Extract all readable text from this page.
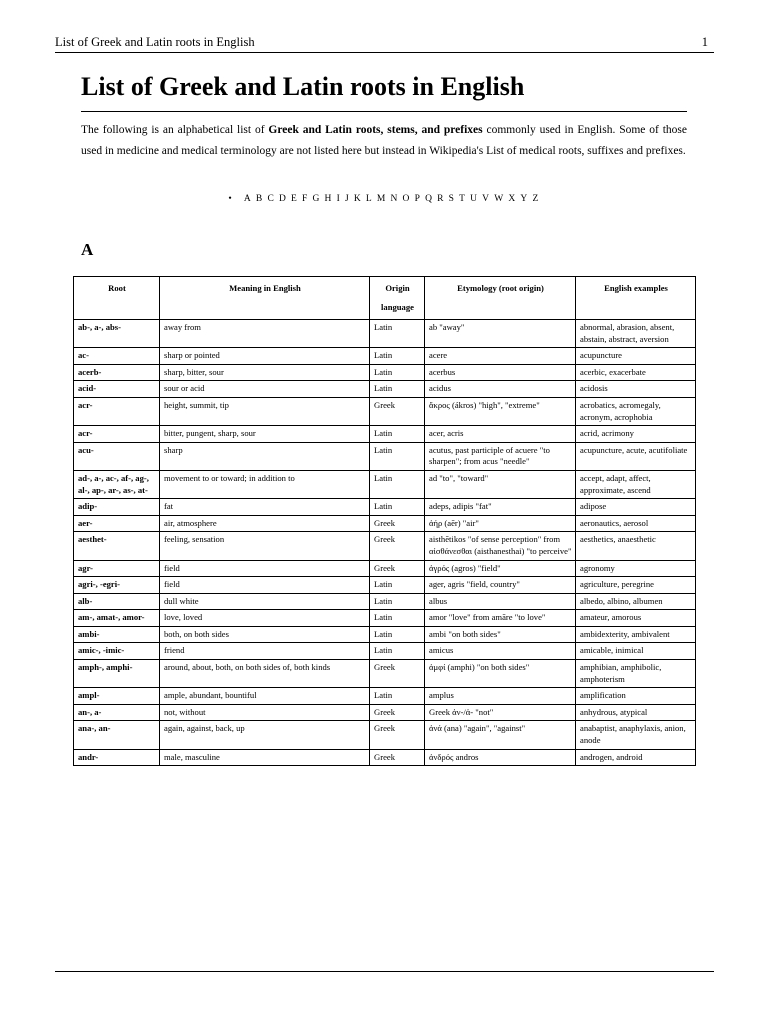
List of Greek and Latin roots in English	1
List of Greek and Latin roots in English

The following is an alphabetical list of Greek and Latin roots, stems, and prefixes commonly used in English. Some of those used in medicine and medical terminology are not listed here but instead in Wikipedia's List of medical roots, suffixes and prefixes.

• A B C D E F G H I J K L M N O P Q R S T U V W X Y Z
A
Root	Meaning in English	Origin language	Etymology (root origin)	English examples
ab-, a-, abs-	away from	Latin	ab "away"	abnormal, abrasion, absent, abstain, abstract, aversion
ac-	sharp or pointed	Latin	acere	acupuncture
acerb-	sharp, bitter, sour	Latin	acerbus	acerbic, exacerbate
acid-	sour or acid	Latin	acidus	acidosis
acr-	height, summit, tip	Greek	ἄκρος (ákros) "high", "extreme"	acrobatics, acromegaly, acronym, acrophobia
acr-	bitter, pungent, sharp, sour	Latin	acer, acris	acrid, acrimony
acu-	sharp	Latin	acutus, past participle of acuere "to sharpen"; from acus "needle"	acupuncture, acute, acutifoliate
ad-, a-, ac-, af-, ag-, al-, ap-, ar-, as-, at-	movement to or toward; in addition to	Latin	ad "to", "toward"	accept, adapt, affect, approximate, ascend
adip-	fat	Latin	adeps, adipis "fat"	adipose
aer-	air, atmosphere	Greek	ἀήρ (aēr) "air"	aeronautics, aerosol
aesthet-	feeling, sensation	Greek	aisthētikos "of sense perception" from αἰσθάνεσθαι (aisthanesthai) "to perceive"	aesthetics, anaesthetic
agr-	field	Greek	ἀγρός (agros) "field"	agronomy
agri-, -egri-	field	Latin	ager, agris "field, country"	agriculture, peregrine
alb-	dull white	Latin	albus	albedo, albino, albumen
am-, amat-, amor-	love, loved	Latin	amor "love" from amāre "to love"	amateur, amorous
ambi-	both, on both sides	Latin	ambi "on both sides"	ambidexterity, ambivalent
amic-, -imic-	friend	Latin	amicus	amicable, inimical
amph-, amphi-	around, about, both, on both sides of, both kinds	Greek	ἀμφί (amphi) "on both sides"	amphibian, amphibolic, amphoterism
ampl-	ample, abundant, bountiful	Latin	amplus	amplification
an-, a-	not, without	Greek	Greek ἀν-/ἀ- "not"	anhydrous, atypical
ana-, an-	again, against, back, up	Greek	ἀνά (ana) "again", "against"	anabaptist, anaphylaxis, anion, anode
andr-	male, masculine	Greek	ἀνδρός andros	androgen, android
